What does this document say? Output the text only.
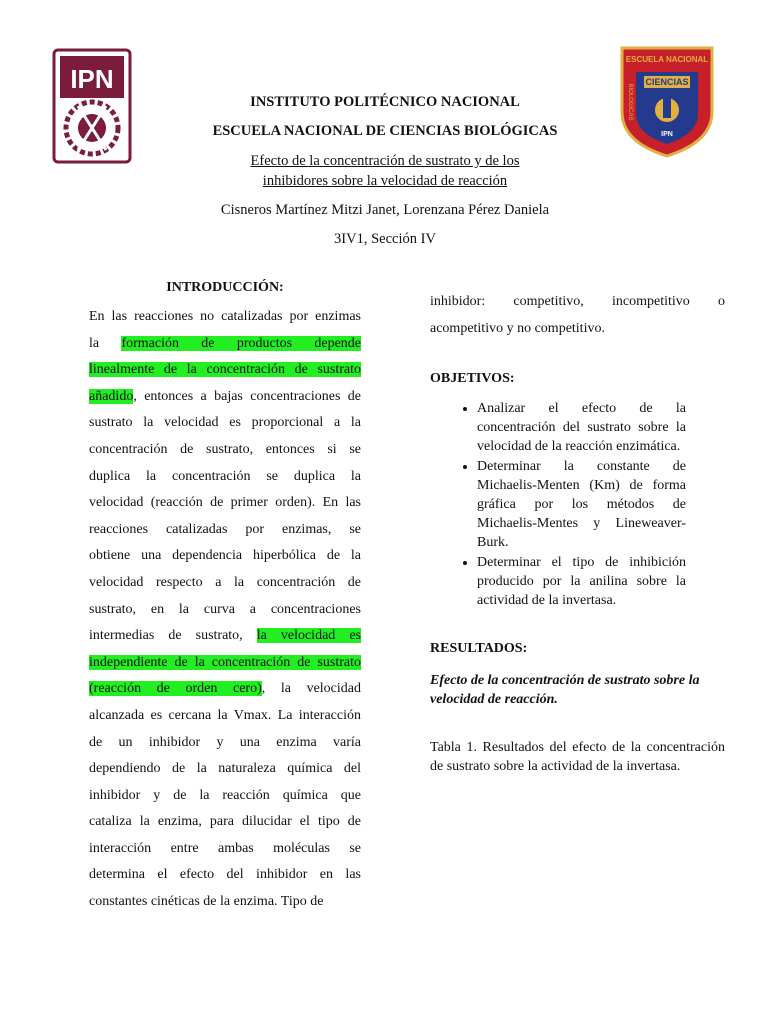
IPN
ESCUELA NACIONAL
CIENCIAS
BIOLOGICAS
IPN
INSTITUTO POLITÉCNICO NACIONAL
ESCUELA NACIONAL DE CIENCIAS BIOLÓGICAS
Efecto de la concentración de sustrato y de los
inhibidores sobre la velocidad de reacción
Cisneros Martínez Mitzi Janet, Lorenzana Pérez Daniela
3IV1, Sección IV
INTRODUCCIÓN:
En las reacciones no catalizadas por enzimas
la formación de productos depende
linealmente de la concentración de sustrato
añadido, entonces a bajas concentraciones de
sustrato la velocidad es proporcional a la
concentración de sustrato, entonces si se
duplica la concentración se duplica la
velocidad (reacción de primer orden). En las
reacciones catalizadas por enzimas, se
obtiene una dependencia hiperbólica de la
velocidad respecto a la concentración de
sustrato, en la curva a concentraciones
intermedias de sustrato, la velocidad es
independiente de la concentración de sustrato
(reacción de orden cero), la velocidad
alcanzada es cercana la Vmax. La interacción
de un inhibidor y una enzima varía
dependiendo de la naturaleza química del
inhibidor y de la reacción química que
cataliza la enzima, para dilucidar el tipo de
interacción entre ambas moléculas se
determina el efecto del inhibidor en las
constantes cinéticas de la enzima. Tipo de
inhibidor: competitivo, incompetitivo o
acompetitivo y no competitivo.
OBJETIVOS:
• Analizar el efecto de la concentración del sustrato sobre la velocidad de la reacción enzimática.
• Determinar la constante de Michaelis-Menten (Km) de forma gráfica por los métodos de Michaelis-Mentes y Lineweaver-Burk.
• Determinar el tipo de inhibición producido por la anilina sobre la actividad de la invertasa.
RESULTADOS:
Efecto de la concentración de sustrato sobre la velocidad de reacción.
Tabla 1. Resultados del efecto de la concentración de sustrato sobre la actividad de la invertasa.
